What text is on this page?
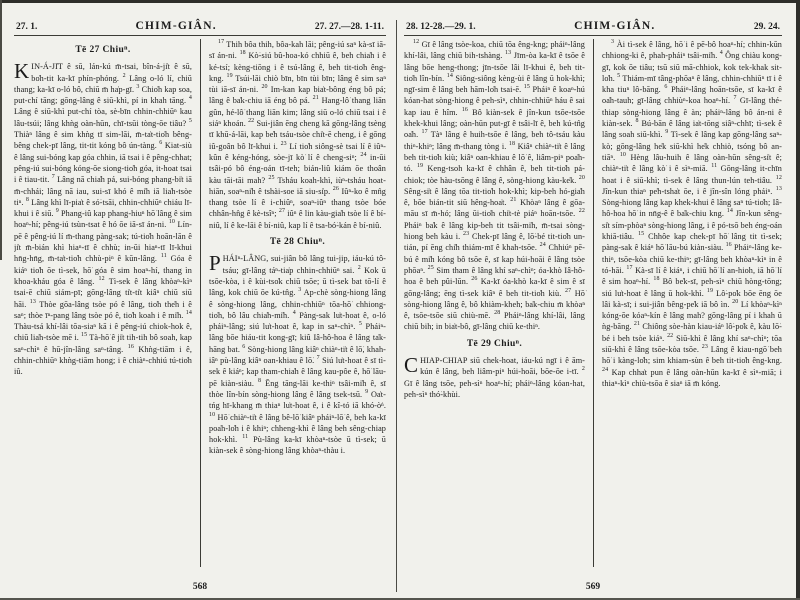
27. 1.	CHIM-GIÂN.	27. 27.—28. 1-11.
Tē 27 Chiuⁿ.

KIN-Á-JI̍T ê sū, lán-kú m̄-tsai, bîn-á-ji̍t ê sū, bo̍h-tit ka-kī phín-phóng. $^2$ Lâng o-ló lí, chiū thang; ka-kī o-ló bô, chiū m̄ ha̍p-gī. $^3$ Chio̍h kap soa, put-chí tāng; gōng-lâng ê siū-khì, pí in khah tāng. $^4$ Lâng ê siū-khì put-chí tòa, sè-bīn chhin-chhiūⁿ kau lâu-tsúi; lâng khǹg oàn-hūn, chī-tsūi tòng-ōe tiâu? $^5$ Thiàⁿ lâng ê sim khǹg tī sim-lāi, m̄-ta̍t-tio̍h bêng-bêng chek-pī lâng, tit-tit kóng bô ún-tàng. $^6$ Kiat-siù ê lâng sui-bóng kap góa chhin, iā tsai i ê pêng-chhat; pêng-iú sui-bóng kóng-ōe siong-tio̍h góa, it-hoat tsai i ê tiau-tit. $^7$ Lâng nā chia̍h pá, sui-bóng phang-bi̍t iā m̄-chhái; lâng nā iau, sui-sī khó ê mi̍h iā lia̍h-tsòe tiⁿ. $^8$ Lâng khì lī-pia̍t ê só͘-tsāi, chhin-chhiūⁿ chiáu lī-khui i ê siū. $^9$ Phang-iû kap phang-hiuⁿ hō͘ lâng ê sim hoaⁿ-hí; pêng-iú tsùn-tsat ê hó ōe iā-sī án-ni. $^{10}$ Lín-pē ê pêng-iú lí m̄-thang pàng-sak; tú-tio̍h hoān-lān ê ji̍t m̄-bián khì hiaⁿ-tī ê chhù; in-ūi hiaⁿ-tī lī-khui hn̄g-hn̄g, m̄-ta̍t-tio̍h chhù-piⁿ ê kūn-lâng. $^{11}$ Góa ê kiáⁿ tio̍h ōe tì-sek, hō͘ góa ê sim hoaⁿ-hí, thang ìn khoa-kháu góa ê lâng. $^{12}$ Tì-sek ê lâng khòaⁿ-kìⁿ tsai-ē chiū siám-pī; gōng-lâng ti̍t-ti̍t kiâⁿ chiū siū hāi. $^{13}$ Thòe gōa-lâng tsòe pó ê lâng, tio̍h the̍h i ê saⁿ; thòe īⁿ-pang lâng tsòe pó ê, tio̍h koah i ê mi̍h. $^{14}$ Thàu-tsá khí-lâi tōa-siaⁿ kā i ê pêng-iú chiok-hok ê, chiū lia̍h-tsòe mē i. $^{15}$ Tà-hō͘ ê ji̍t tih-tih bô soah, kap saⁿ-chìⁿ ê hū-jîn-lâng saⁿ-tâng. $^{16}$ Khǹg-tiām i ê, chhin-chhiūⁿ khǹg-tiām hong; i ê chiàⁿ-chhiú tú-tio̍h iû.

$^{17}$ Thih bôa thih, bôa-kah lāi; pêng-iú saⁿ kà-sī iā-sī án-ni. $^{18}$ Kò͘-siú bû-hoa-kó chhiū ê, beh chia̍h i ê ké-tsí; kèng-tiōng i ê tsú-lâng ê, beh tit-tio̍h êng-kng. $^{19}$ Tsúi-lāi chiò bīn, bīn tùi bīn; lâng ê sim saⁿ tùi iā-sī án-ni. $^{20}$ Im-kan kap bia̍t-bông éng bô pá; lâng ê ba̍k-chiu iā éng bô pá. $^{21}$ Hang-lô͘ thang liān gûn, hé-lô͘ thang liān kim; lâng siū o-ló chiū tsai i ê siáⁿ khoán. $^{22}$ Sui-jiân ēng cheng kā gōng-lâng tsèng tī khū-á-lāi, kap be̍h tsáu-tsòe chi̍t-ē cheng, i ê gōng iû-goân bô lī-khui i. $^{23}$ Lí tio̍h siông-sè tsai lí ê iûⁿ-kûn ê kéng-hóng, sòe-jī kò͘ lí ê cheng-siⁿ; $^{24}$ in-ūi tsâi-pó bô éng-oán tī-teh; bián-liû kiám ōe thoân kàu tāi-tāi mah? $^{25}$ Tsháu koah-khì, iùⁿ-tsháu hoat-hiān, soaⁿ-ni̍h ê tshài-soe iā siu-si̍p. $^{26}$ Iûⁿ-ko ê mn̂g thang tsòe lí ê i-chiûⁿ, soaⁿ-iûⁿ thang tsòe bóe chhân-hn̂g ê kè-tsîⁿ; $^{27}$ iûⁿ ê lin kàu-gia̍h tsòe lí ê bí-niû, lí ê ke-lāi ê bí-niû, kap lí ê tsa-bó͘-kán ê bí-niû.

Tē 28 Chiuⁿ.

PHÁIⁿ-LÂNG, sui-jiân bô lâng tui-jip, iáu-kú tô-tsáu; gī-lâng táⁿ-tia̍p chhin-chhiūⁿ sai. $^2$ Kok ū tsōe-kòa, i ê kùi-tso̍k chiū tsōe; ū tì-sek bat tō-lí ê lâng, kok chiū ōe kú-tn̂g. $^3$ Ap-chè sòng-hiong lâng ê sòng-hiong lâng, chhin-chhiūⁿ tōa-hō͘ chhiong-tio̍h, bô lâu chia̍h-mi̍h. $^4$ Pàng-sak lu̍t-hoat ê, o-ló pháiⁿ-lâng; siú lu̍t-hoat ê, kap in saⁿ-chìⁿ. $^5$ Pháiⁿ-lâng bōe hiáu-tit kong-gī; kiû Iâ-hô-hoa ê lâng ta̍k-hāng bat. $^6$ Sòng-hiong lâng kiâⁿ chiàⁿ-ti̍t ê lō͘, khah-iâⁿ pù-lâng kiâⁿ oan-khiau ê lō͘. $^7$ Siú lu̍t-hoat ê sī tì-sek ê kiáⁿ; kap tham-chia̍h ê lâng kau-pôe ê, hō͘ lāu-pē kiàn-siàu. $^8$ Ēng tāng-lāi ke-thiⁿ tsâi-mi̍h ê, sī thòe lîn-bín sòng-hiong lâng ê lâng tsek-tsū. $^9$ Oa̍t-tńg hī-khang m̄ thiaⁿ lu̍t-hoat ê, i ê kî-tó iā khó-ò͘ⁿ. $^{10}$ Hō͘ chiàⁿ-ti̍t ê lâng bê-lō͘ kiâⁿ pháiⁿ-lō͘ ê, beh ka-kī poa̍h-lo̍h i ê khiⁿ; chheng-khì ê lâng beh sêng-chiap hok-khì. $^{11}$ Pù-lâng ka-kī khòaⁿ-tsòe ū tì-sek; ū kiàn-sek ê sòng-hiong lâng khòaⁿ-thàu i.

568
28. 12-28.—29. 1.	CHIM-GIÂN.	29. 24.

$^{12}$ Gī ê lâng tsòe-koa, chiū tōa êng-kng; pháiⁿ-lâng khí-lâi, lâng chiū bih-tshàng. $^{13}$ Jīm-òa ka-kī ê tsōe ê lâng bōe heng-thong; jīn-tsōe lâi lī-khui ê, beh tit-tio̍h lîn-bín. $^{14}$ Siông-siông kèng-ùi ê lâng ū hok-khì; ngī-sim ê lâng beh hām-lo̍h tsai-ē. $^{15}$ Pháiⁿ ê koaⁿ-hú kóan-hat sòng-hiong ê peh-sìⁿ, chhin-chhiūⁿ háu ê sai kap iau ê hîm. $^{16}$ Bô kiàn-sek ê jîn-kun tsōe-tsōe khek-khui lâng; oàn-hūn put-gī ê tsâi-lī ê, beh kú-tn̂g oa̍h. $^{17}$ Tàⁿ lâng ê huih-tsōe ê lâng, beh tô-tsáu kàu thiⁿ-khiⁿ; lâng m̄-thang tòng i. $^{18}$ Kiâⁿ chiàⁿ-ti̍t ê lâng beh tit-tio̍h kiù; kiâⁿ oan-khiau ê lō͘ ê, liâm-piⁿ poa̍h-tó. $^{19}$ Keng-tsoh ka-kī ê chhân ê, beh tit-tio̍h pá-chiok; tòe hàu-tsōng ê lâng ê, sòng-hiong kàu-ke̍k. $^{20}$ Sêng-si̍t ê lâng tōa tit-tio̍h hok-khì; kip-beh hó-gia̍h ê, bōe bián-tit siū hêng-hoa̍t. $^{21}$ Khòaⁿ lâng ê gōa-māu sī m̄-hó; lâng ūi-tio̍h chi̍t-tè piáⁿ hoān-tsōe. $^{22}$ Pháiⁿ ba̍k ê lâng kip-beh tit tsâi-mi̍h, m̄-tsai sòng-hiong beh kàu i. $^{23}$ Chek-pī lâng ê, lō͘-bé tit-tio̍h un-tián, pí ēng chi̍h thiám-mī ê khah-tsōe. $^{24}$ Chhiúⁿ pē-bú ê mi̍h kóng bô tsōe ê, sī kap húi-hoāi ê lâng tsòe phōaⁿ. $^{25}$ Sim tham ê lâng khí saⁿ-chìⁿ; óa-khò Iâ-hô-hoa ê beh pûi-lūn. $^{26}$ Ka-kī óa-khò ka-kī ê sim ê sī gōng-lâng; ēng tì-sek kiâⁿ ê beh tit-tio̍h kiù. $^{27}$ Hō͘ sòng-hiong lâng ê, bô khiàm-kheh; ba̍k-chiu m̄ khòaⁿ ê, tsōe-tsōe siū chiù-mē. $^{28}$ Pháiⁿ-lâng khí-lâi, lâng chiū bih; in bia̍t-bô, gī-lâng chiū ke-thiⁿ.

Tē 29 Chiuⁿ.

CHIAP-CHIAP siū chek-hoat, iáu-kú ngī i ê ām-kún ê lâng, beh liâm-piⁿ húi-hoāi, bōe-ōe i-tī. $^2$ Gī ê lâng tsōe, peh-sìⁿ hoaⁿ-hí; pháiⁿ-lâng kóan-hat, peh-sìⁿ thó͘-khùi.

$^3$ Ài tì-sek ê lâng, hō͘ i ê pē-bô hoaⁿ-hí; chhin-kūn chhiong-ki ê, phah-pháiⁿ tsâi-mi̍h. $^4$ Ông chiàu kong-gī, kok ōe tiâu; tsū siū mā-chhiok, kok tek-khak sit-lo̍h. $^5$ Thiám-mī tâng-phōaⁿ ê lâng, chhin-chhiūⁿ tī i ê kha tiuⁿ lô-bāng. $^6$ Pháiⁿ-lâng hoān-tsōe, sī ka-kī ê oa̍h-tauh; gī-lâng chhiùⁿ-koa hoaⁿ-hí. $^7$ Gī-lâng thé-thiap sòng-hiong lâng ê àn; pháiⁿ-lâng bô án-ni ê kiàn-sek. $^8$ Bú-bān ê lâng ia̍t-tōng siâⁿ-chhī; tì-sek ê lâng soah siū-khì. $^9$ Tì-sek ê lâng kap gōng-lâng saⁿ-kò; gōng-lâng he̍k siū-khì he̍k chhiò, tsóng bô an-tiāⁿ. $^{10}$ Hèng lâu-huih ê lâng oàn-hūn sêng-si̍t ê; chiàⁿ-ti̍t ê lâng kò͘ i ê sìⁿ-miā. $^{11}$ Gōng-lâng it-chīn hoat i ê siū-khì; tì-sek ê lâng thun-lún teh-tiâu. $^{12}$ Jîn-kun thiaⁿ pe̍h-tsha̍t ōe, i ê jîn-sîn lóng pháiⁿ. $^{13}$ Sòng-hiong lâng kap khek-khui ê lâng saⁿ tú-tio̍h; Iâ-hô-hoa hō͘ in nn̄g-ê ê ba̍k-chiu kng. $^{14}$ Jîn-kun sêng-si̍t sím-phòaⁿ sòng-hiong lâng, i ê pó-tsō beh éng-oán khiā-tiâu. $^{15}$ Chhôe kap chek-pī hō͘ lâng tit tì-sek; pàng-sak ê kiáⁿ hō͘ lāu-bú kiàn-siàu. $^{16}$ Pháiⁿ-lâng ke-thiⁿ, tsōe-kòa chiū ke-thiⁿ; gī-lâng beh khòaⁿ-kìⁿ in ê tó-hāi. $^{17}$ Kà-sī lí ê kiáⁿ, i chiū hō͘ lí an-hioh, iā hō͘ lí ê sim hoaⁿ-hí. $^{18}$ Bô be̍k-sī, peh-sìⁿ chiū hòng-tōng; siú lu̍t-hoat ê lâng ū hok-khì. $^{19}$ Lô͘-po̍k bōe ēng ōe lâi kà-sī; i sui-jiân bêng-pe̍k iā bô ìn. $^{20}$ Lí khòaⁿ-kìⁿ kóng-ōe kóaⁿ-kín ê lâng mah? gōng-lâng pí i khah ū ǹg-bāng. $^{21}$ Chiông sòe-hàn kiau-iáⁿ lô͘-po̍k ê, kàu lō͘-bé i beh tsòe kiáⁿ. $^{22}$ Siū-khì ê lâng khí saⁿ-chìⁿ; tōa siū-khì ê lâng tsōe-kòa tsōe. $^{23}$ Lâng ê kiau-ngō͘ beh hō͘ i kàng-lo̍h; sim khiam-sùn ê beh tit-tio̍h êng-kng. $^{24}$ Kap chha̍t pun ê lâng oàn-hūn ka-kī ê sìⁿ-miā; i thiaⁿ-kìⁿ chiù-tsōa ê siaⁿ iā m̄ kóng.

569
